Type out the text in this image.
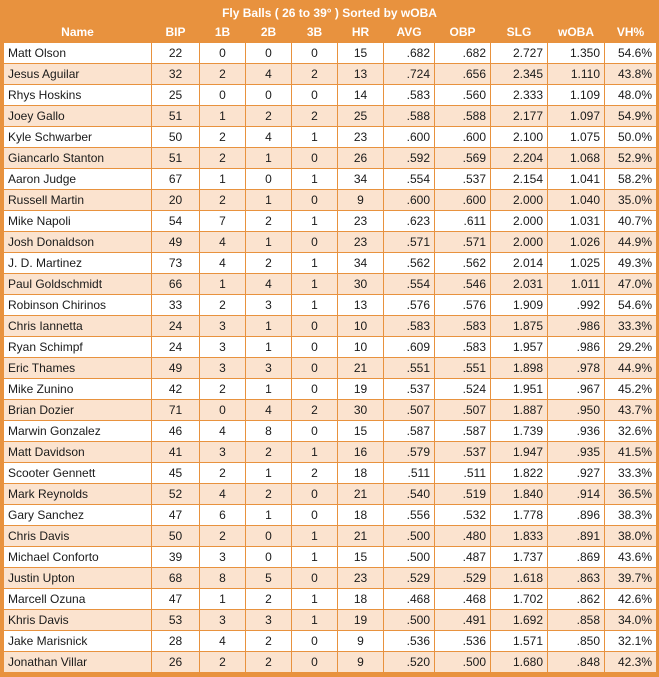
Fly Balls ( 26 to 39° ) Sorted by wOBA
Name	BIP	1B	2B	3B	HR	AVG	OBP	SLG	wOBA	VH%
Matt Olson	22	0	0	0	15	.682	.682	2.727	1.350	54.6%
Jesus Aguilar	32	2	4	2	13	.724	.656	2.345	1.110	43.8%
Rhys Hoskins	25	0	0	0	14	.583	.560	2.333	1.109	48.0%
Joey Gallo	51	1	2	2	25	.588	.588	2.177	1.097	54.9%
Kyle Schwarber	50	2	4	1	23	.600	.600	2.100	1.075	50.0%
Giancarlo Stanton	51	2	1	0	26	.592	.569	2.204	1.068	52.9%
Aaron Judge	67	1	0	1	34	.554	.537	2.154	1.041	58.2%
Russell Martin	20	2	1	0	9	.600	.600	2.000	1.040	35.0%
Mike Napoli	54	7	2	1	23	.623	.611	2.000	1.031	40.7%
Josh Donaldson	49	4	1	0	23	.571	.571	2.000	1.026	44.9%
J. D. Martinez	73	4	2	1	34	.562	.562	2.014	1.025	49.3%
Paul Goldschmidt	66	1	4	1	30	.554	.546	2.031	1.011	47.0%
Robinson Chirinos	33	2	3	1	13	.576	.576	1.909	.992	54.6%
Chris Iannetta	24	3	1	0	10	.583	.583	1.875	.986	33.3%
Ryan Schimpf	24	3	1	0	10	.609	.583	1.957	.986	29.2%
Eric Thames	49	3	3	0	21	.551	.551	1.898	.978	44.9%
Mike Zunino	42	2	1	0	19	.537	.524	1.951	.967	45.2%
Brian Dozier	71	0	4	2	30	.507	.507	1.887	.950	43.7%
Marwin Gonzalez	46	4	8	0	15	.587	.587	1.739	.936	32.6%
Matt Davidson	41	3	2	1	16	.579	.537	1.947	.935	41.5%
Scooter Gennett	45	2	1	2	18	.511	.511	1.822	.927	33.3%
Mark Reynolds	52	4	2	0	21	.540	.519	1.840	.914	36.5%
Gary Sanchez	47	6	1	0	18	.556	.532	1.778	.896	38.3%
Chris Davis	50	2	0	1	21	.500	.480	1.833	.891	38.0%
Michael Conforto	39	3	0	1	15	.500	.487	1.737	.869	43.6%
Justin Upton	68	8	5	0	23	.529	.529	1.618	.863	39.7%
Marcell Ozuna	47	1	2	1	18	.468	.468	1.702	.862	42.6%
Khris Davis	53	3	3	1	19	.500	.491	1.692	.858	34.0%
Jake Marisnick	28	4	2	0	9	.536	.536	1.571	.850	32.1%
Jonathan Villar	26	2	2	0	9	.520	.500	1.680	.848	42.3%
